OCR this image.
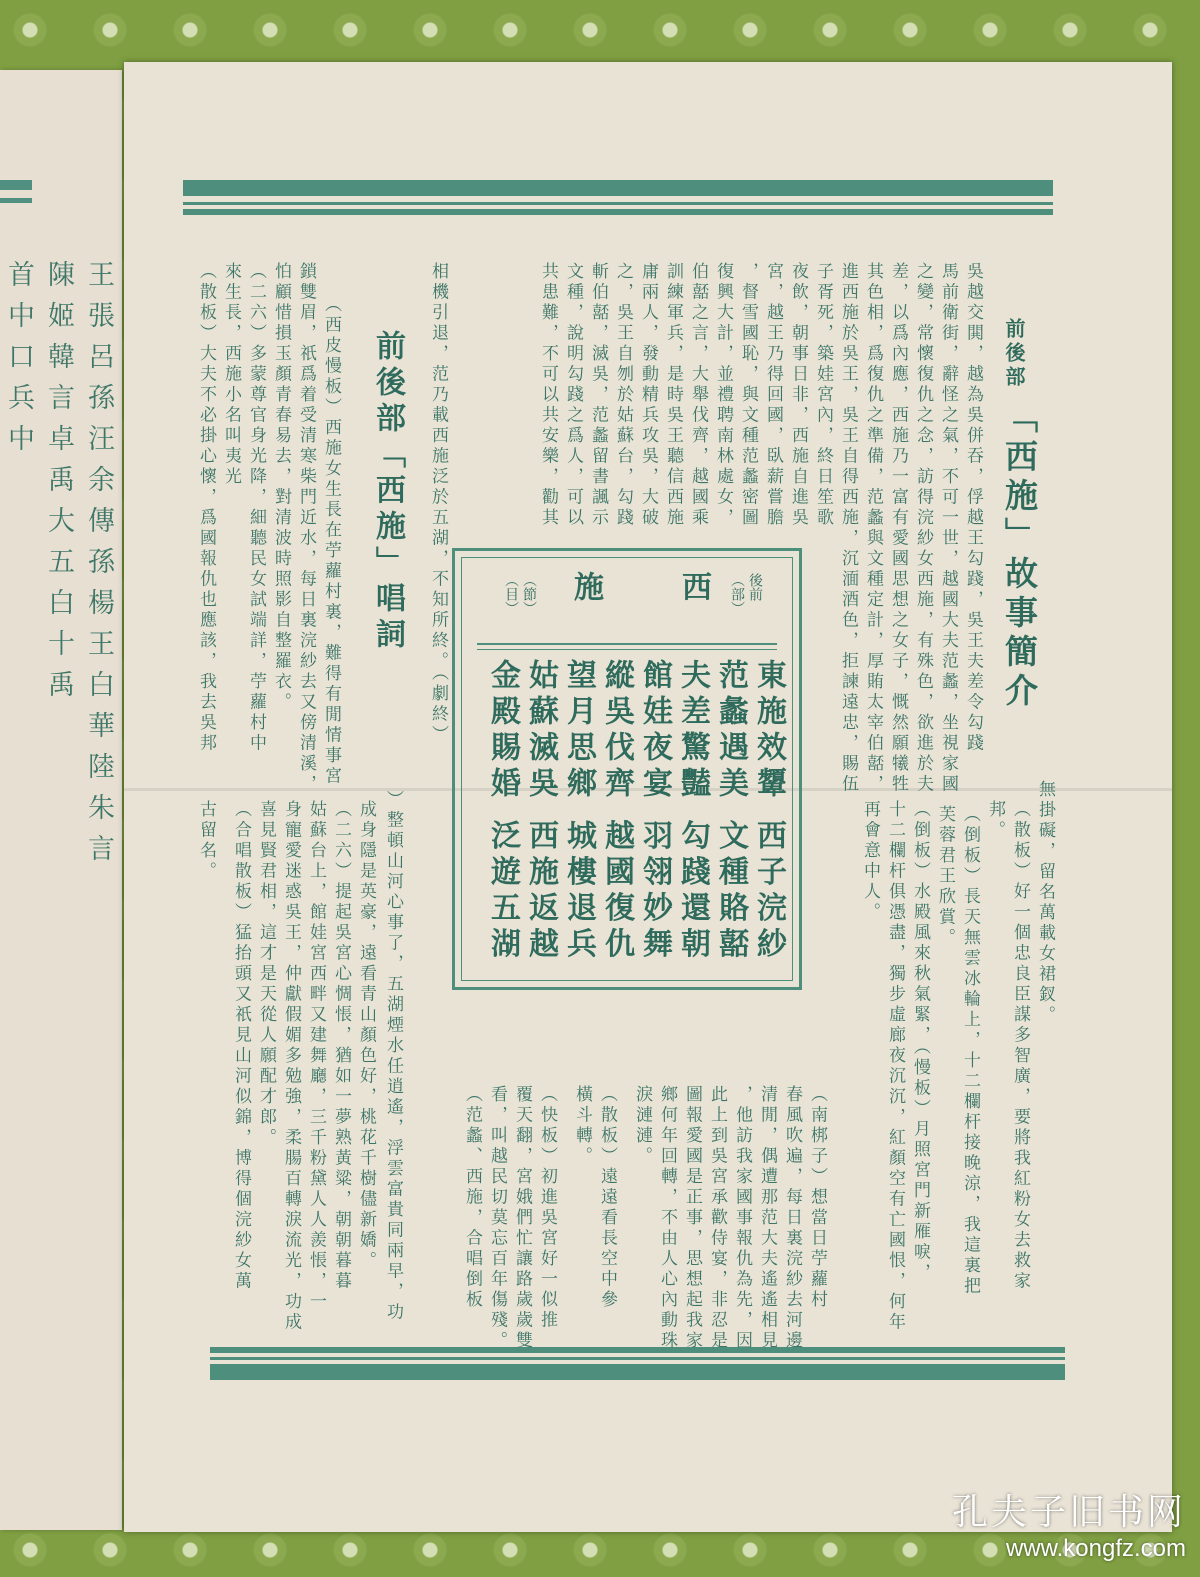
王張呂孫汪余傳孫楊王白華陸朱言
陳姬韓言卓禹大五白十禹
首中口兵中	前後部
「西施」故事簡介
吳越交閧，越為吳併吞，俘越王勾踐，吳王夫差令勾踐
馬前衛街，辭怪之氣，不可一世，越國大夫范蠡，坐視家國
之變，常懷復仇之念，訪得浣紗女西施，有殊色，欲進於夫
差，以爲內應，西施乃一富有愛國思想之女子，慨然願犧牲
其色相，爲復仇之準備，范蠡與文種定計，厚賄太宰伯嚭，
進西施於吳王，吳王自得西施，沉湎酒色，拒諫遠忠，賜伍
子胥死，築娃宮內，終日笙歌
夜飲，朝事日非，西施自進吳
宮，越王乃得回國，臥薪嘗膽
，督雪國恥，與文種范蠡密圖
復興大計，並禮聘南林處女，
伯嚭之言，大舉伐齊，越國乘
訓練軍兵，是時吳王聽信西施
庸兩人，發動精兵攻吳，大破
之，吳王自刎於姑蘇台，勾踐
斬伯嚭，滅吳，范蠡留書諷示
文種，說明勾踐之爲人，可以
共患難，不可以共安樂，勸其
相機引退，范乃載西施泛於五湖，不知所終。（劇終）
前後部「西施」唱詞
（西皮慢板）西施女生長在苧蘿村裏，難得有閒情事宮
鎖雙眉，祇爲着受清寒柴門近水，每日裏浣紗去又傍清溪，
怕顧惜損玉顏青春易去，對清波時照影自整羅衣。
（二六）多蒙尊官身光降，細聽民女試端詳，苧蘿村中
來生長，西施小名叫夷光
（散板）大夫不必掛心懷，爲國報仇也應該，我去吳邦	後前
（部）
西
施
（節）
（目）
東施效顰 西子浣紗
范蠡遇美 文種賂嚭
夫差驚豔 勾踐還朝
館娃夜宴 羽翎妙舞
縱吳伐齊 越國復仇
望月思鄉 城樓退兵
姑蘇滅吳 西施返越
金殿賜婚 泛遊五湖	無掛礙，留名萬載女裙釵。
（散板）好一個忠良臣謀多智廣，要將我紅粉女去救家
邦。
（倒板）長天無雲冰輪上，十二欄杆接晚涼，我這裏把
芙蓉君王欣賞。
（倒板）水殿風來秋氣緊，（慢板）月照宮門新雁唳，
十二欄杆俱憑盡，獨步虛廊夜沉沉，紅顏空有亡國恨，何年
再會意中人。
（南梆子）想當日苧蘿村
春風吹遍，每日裏浣紗去河邊
清閒，偶遭那范大夫遙遙相見
，他訪我家國事報仇為先，因
此上到吳宮承歡侍宴，非忍是
圖報愛國是正事，思想起我家
鄉何年回轉，不由人心內動珠
淚漣漣。
（散板）遠遠看長空中參
橫斗轉。
（快板）初進吳宮好一似推
覆天翻，宮娥們忙讓路歲歲雙
看，叫越民切莫忘百年傷殘。
（范蠡、西施，合唱倒板
古留名。 （合唱散板）猛抬頭又祇見山河似錦，博得個浣紗女萬 喜見賢君相，這才是天從人願配才郎。 身寵愛迷惑吳王，仲獻假媚多勉強，柔腸百轉淚流光，功成 姑蘇台上，館娃宮西畔又建舞廳，三千粉黛人人羨悵，一 （二六）提起吳宮心惆悵，猶如一夢熟黃粱，朝朝暮暮 成身隱是英豪，遠看青山顏色好，桃花千樹儘新嬌。 ）整頓山河心事了，五湖煙水任逍遙，浮雲富貴同兩早，功
孔夫子旧书网
www.kongfz.com
